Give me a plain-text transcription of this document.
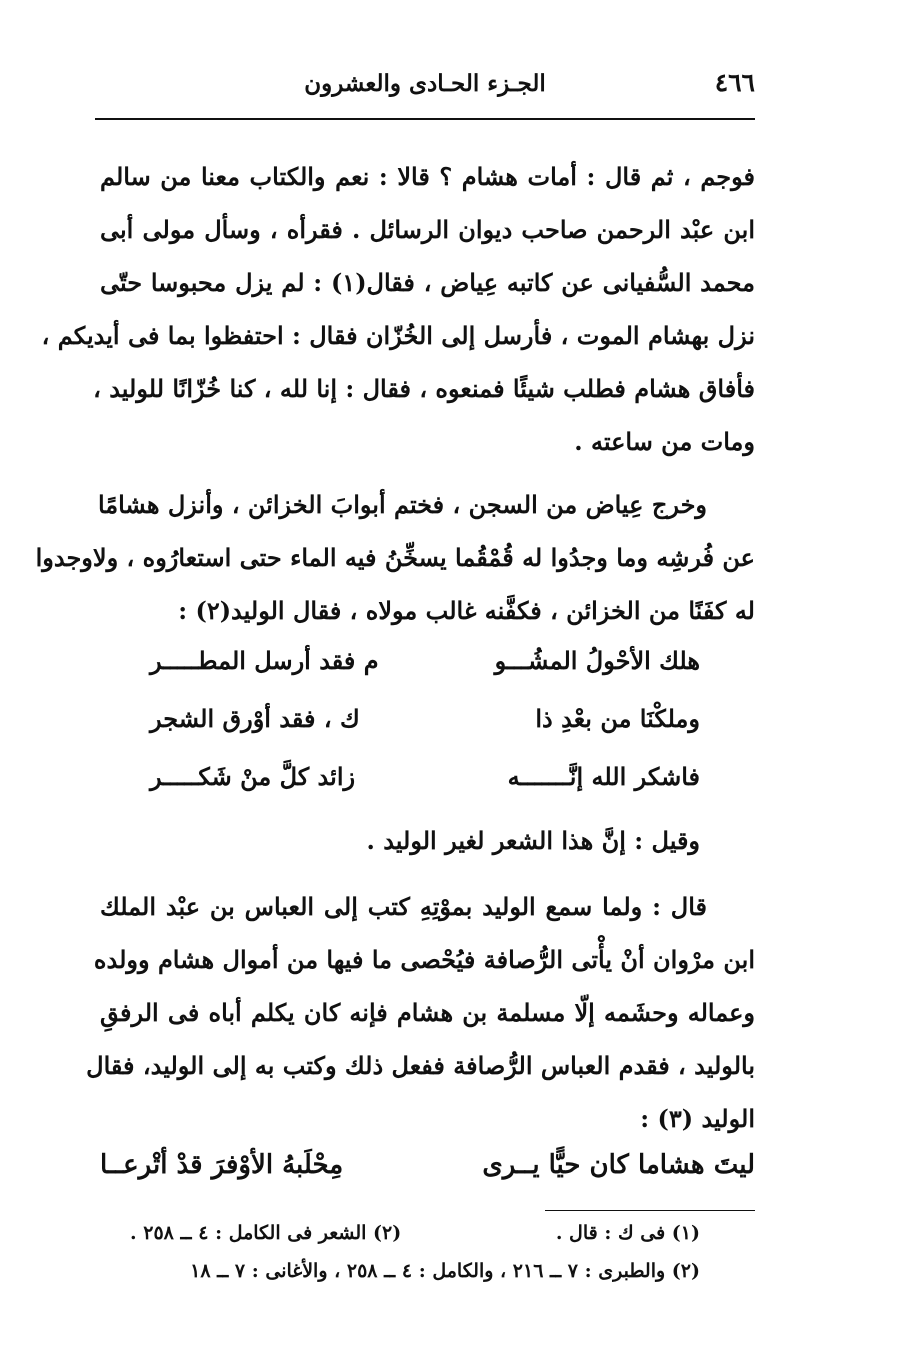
٤٦٦
الجـزء الحـادى والعشرون
فوجم ، ثم قال : أمات هشام ؟ قالا : نعم والكتاب معنا من سالم
ابن عبْد الرحمن صاحب ديوان الرسائل . فقرأه ، وسأل مولى أبى
محمد السُّفيانى عن كاتبه عِياض ، فقال(١) : لم يزل محبوسا حتّى
نزل بهشام الموت ، فأرسل إلى الخُزّان فقال : احتفظوا بما فى أيديكم ،
فأفاق هشام فطلب شيئًا فمنعوه ، فقال : إنا لله ، كنا خُزّانًا للوليد ،
ومات من ساعته .
وخرج عِياض من السجن ، فختم أبوابَ الخزائن ، وأنزل هشامًا
عن فُرشِه وما وجدُوا له قُمْقُما يسخِّنُ فيه الماء حتى استعارُوه ، ولاوجدوا
له كفَنًا من الخزائن ، فكفَّنه غالب مولاه ، فقال الوليد(٢) :
هلك الأحْولُ المشُـــو
م فقد أرسل المطـــــر
وملكْنَا من بعْدِ ذا
ك ، فقد أوْرق الشجر
فاشكر الله إنَّـــــــه
زائد كلَّ منْ شَكـــــر
وقيل : إنَّ هذا الشعر لغير الوليد .
قال : ولما سمع الوليد بموْتِهِ كتب إلى العباس بن عبْد الملك
ابن مرْوان أنْ يأْتى الرُّصافة فيُحْصى ما فيها من أموال هشام وولده
وعماله وحشَمه إلّا مسلمة بن هشام فإنه كان يكلم أباه فى الرفقِ
بالوليد ، فقدم العباس الرُّصافة ففعل ذلك وكتب به إلى الوليد، فقال
الوليد (٣) :
ليتَ هشاما كان حيًّا يــرى
مِحْلَبهُ الأوْفرَ قدْ أتْرعــا
(١) فى ك : قال .
(٢) الشعر فى الكامل : ٤ ــ ٢٥٨ .
(٢) والطبرى : ٧ ــ ٢١٦ ، والكامل : ٤ ــ ٢٥٨ ، والأغانى : ٧ ــ ١٨
